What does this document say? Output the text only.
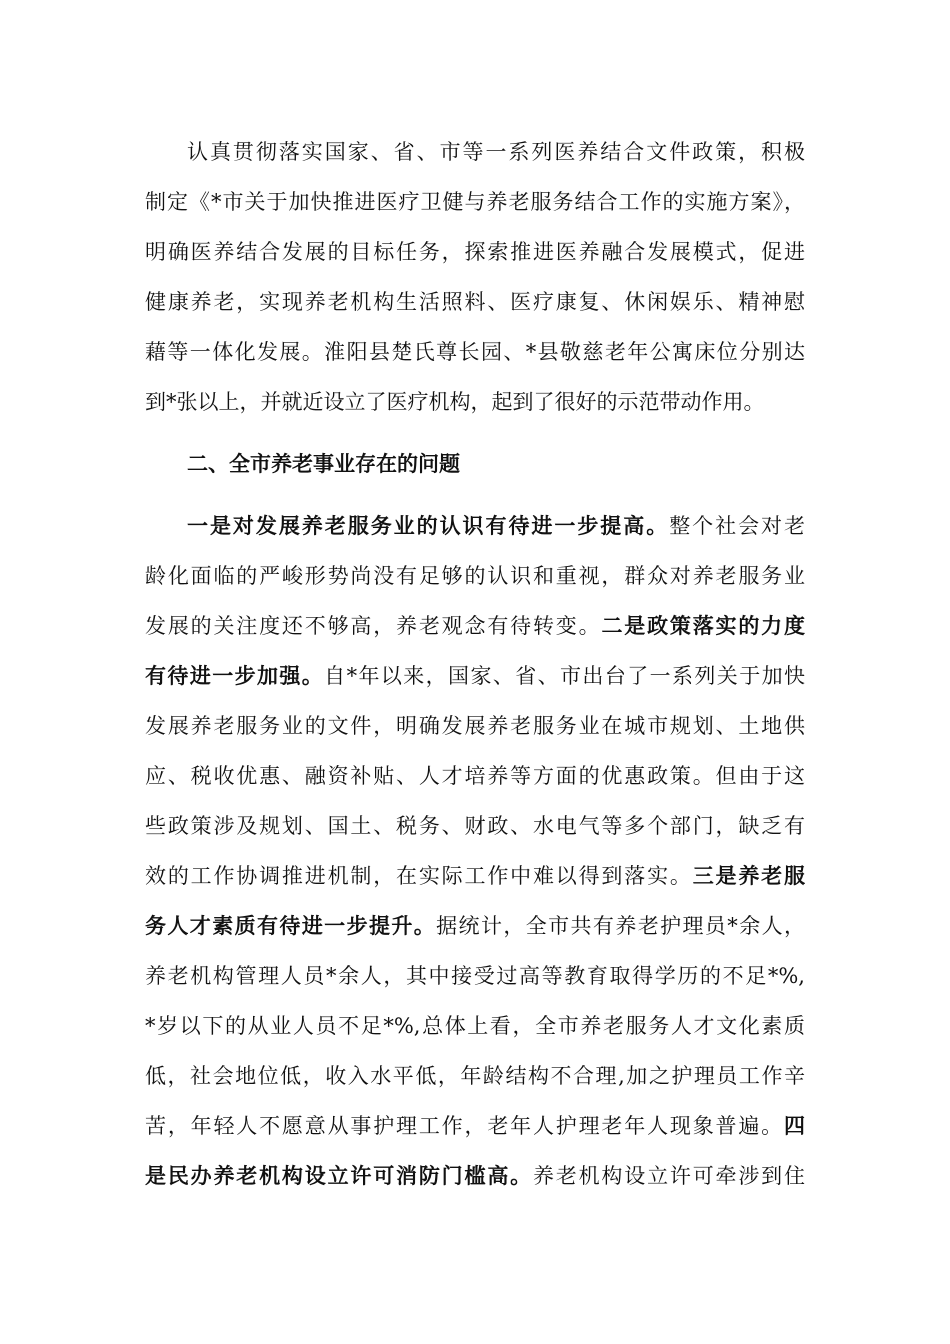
认真贯彻落实国家、省、市等一系列医养结合文件政策，积极
制定《*市关于加快推进医疗卫健与养老服务结合工作的实施方案》，
明确医养结合发展的目标任务，探索推进医养融合发展模式，促进
健康养老，实现养老机构生活照料、医疗康复、休闲娱乐、精神慰
藉等一体化发展。淮阳县楚氏尊长园、*县敬慈老年公寓床位分别达
到*张以上，并就近设立了医疗机构，起到了很好的示范带动作用。
二、全市养老事业存在的问题
一是对发展养老服务业的认识有待进一步提高。整个社会对老
龄化面临的严峻形势尚没有足够的认识和重视，群众对养老服务业
发展的关注度还不够高，养老观念有待转变。二是政策落实的力度
有待进一步加强。自*年以来，国家、省、市出台了一系列关于加快
发展养老服务业的文件，明确发展养老服务业在城市规划、土地供
应、税收优惠、融资补贴、人才培养等方面的优惠政策。但由于这
些政策涉及规划、国土、税务、财政、水电气等多个部门，缺乏有
效的工作协调推进机制，在实际工作中难以得到落实。三是养老服
务人才素质有待进一步提升。据统计，全市共有养老护理员*余人，
养老机构管理人员*余人，其中接受过高等教育取得学历的不足*%,
*岁以下的从业人员不足*%,总体上看，全市养老服务人才文化素质
低，社会地位低，收入水平低，年龄结构不合理,加之护理员工作辛
苦，年轻人不愿意从事护理工作，老年人护理老年人现象普遍。四
是民办养老机构设立许可消防门槛高。养老机构设立许可牵涉到住
